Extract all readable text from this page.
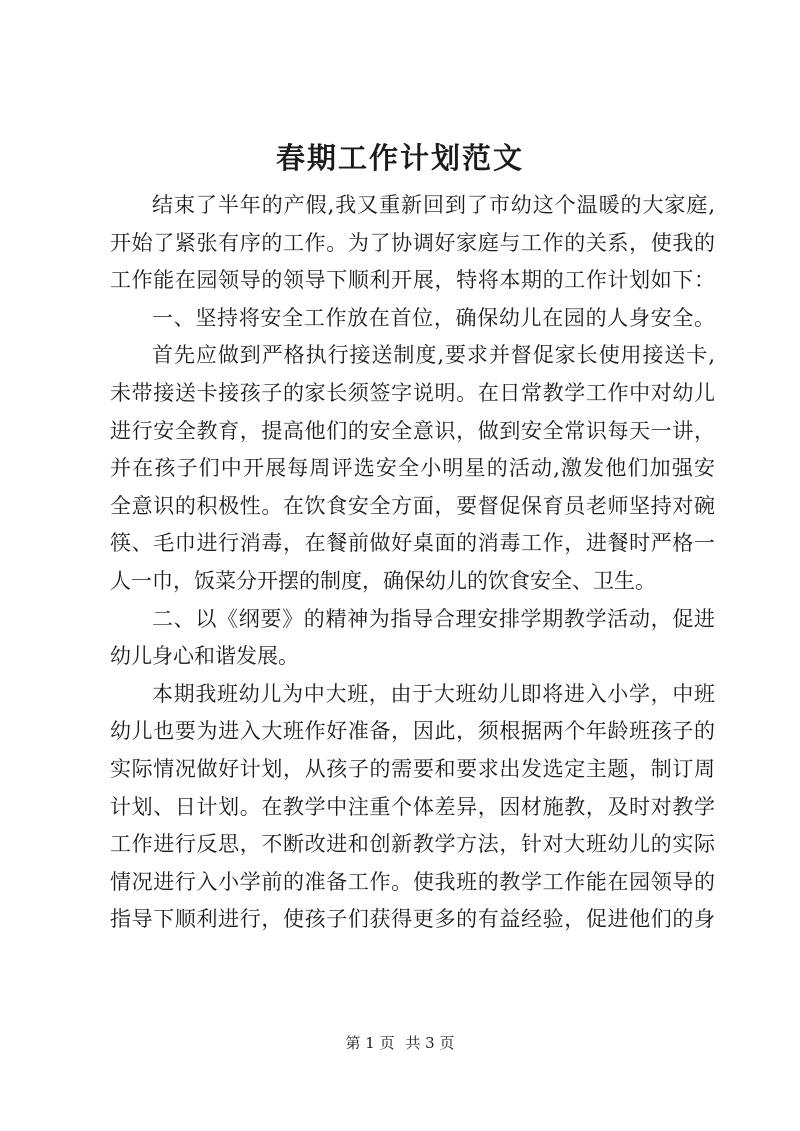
春期工作计划范文
结束了半年的产假,我又重新回到了市幼这个温暖的大家庭,
开始了紧张有序的工作。为了协调好家庭与工作的关系，使我的
工作能在园领导的领导下顺利开展，特将本期的工作计划如下：
一、坚持将安全工作放在首位，确保幼儿在园的人身安全。
首先应做到严格执行接送制度,要求并督促家长使用接送卡,
未带接送卡接孩子的家长须签字说明。在日常教学工作中对幼儿
进行安全教育，提高他们的安全意识，做到安全常识每天一讲，
并在孩子们中开展每周评选安全小明星的活动,激发他们加强安
全意识的积极性。在饮食安全方面，要督促保育员老师坚持对碗
筷、毛巾进行消毒，在餐前做好桌面的消毒工作，进餐时严格一
人一巾，饭菜分开摆的制度，确保幼儿的饮食安全、卫生。
二、以《纲要》的精神为指导合理安排学期教学活动，促进
幼儿身心和谐发展。
本期我班幼儿为中大班，由于大班幼儿即将进入小学，中班
幼儿也要为进入大班作好准备，因此，须根据两个年龄班孩子的
实际情况做好计划，从孩子的需要和要求出发选定主题，制订周
计划、日计划。在教学中注重个体差异，因材施教，及时对教学
工作进行反思，不断改进和创新教学方法，针对大班幼儿的实际
情况进行入小学前的准备工作。使我班的教学工作能在园领导的
指导下顺利进行，使孩子们获得更多的有益经验，促进他们的身
第 1 页 共 3 页
